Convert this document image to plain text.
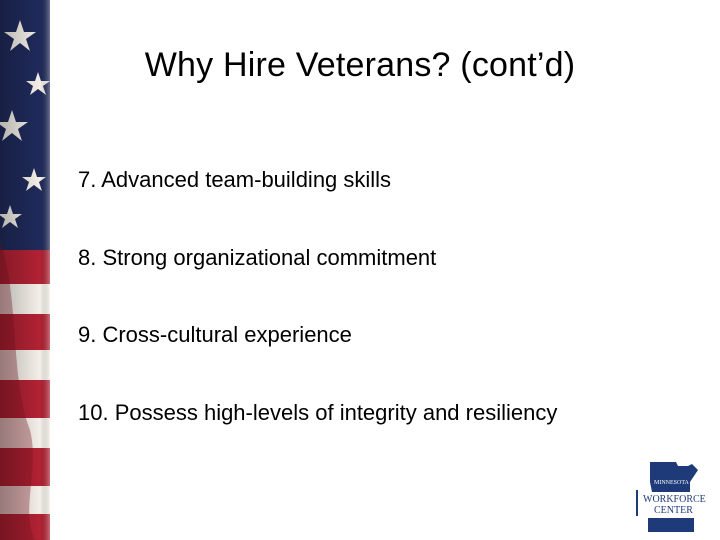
Why Hire Veterans? (cont’d)
7. Advanced team-building skills
8. Strong organizational commitment
9. Cross-cultural experience
10. Possess high-levels of integrity and resiliency
MINNESOTA
WORKFORCE
CENTER
